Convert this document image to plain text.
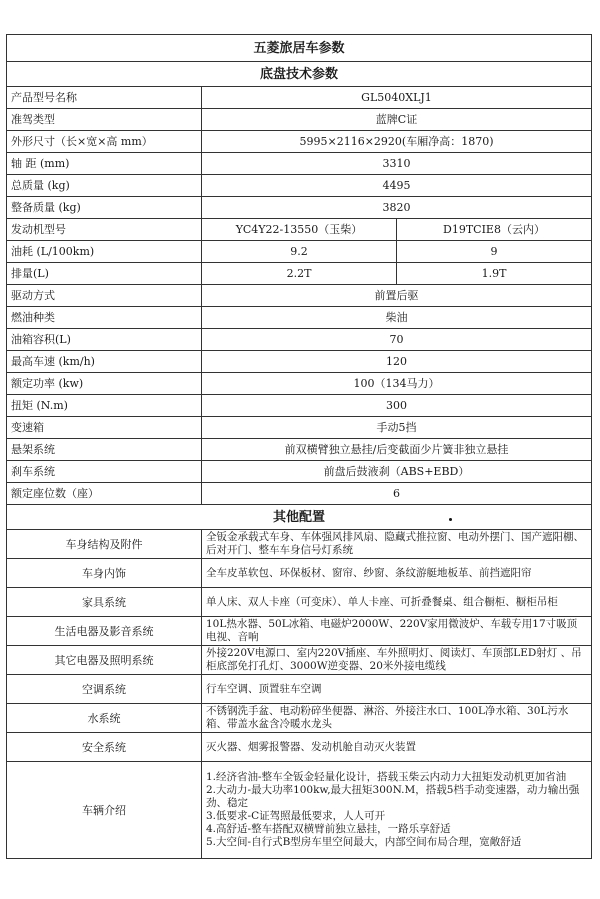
五菱旅居车参数		
底盘技术参数		
产品型号名称	GL5040XLJ1	
准驾类型	蓝牌C证	
外形尺寸（长×宽×高 mm）	5995×2116×2920(车厢净高：1870)	
轴 距 (mm)	3310	
总质量 (kg)	4495	
整备质量 (kg)	3820	
发动机型号	YC4Y22-13550（玉柴）	D19TCIE8（云内）
油耗 (L/100km)	9.2	9
排量(L)	2.2T	1.9T
驱动方式	前置后驱	
燃油种类	柴油	
油箱容积(L)	70	
最高车速 (km/h)	120	
额定功率 (kw)	100（134马力）	
扭矩 (N.m)	300	
变速箱	手动5挡	
悬架系统	前双横臂独立悬挂/后变截面少片簧非独立悬挂	
刹车系统	前盘后鼓液刹（ABS+EBD）	
额定座位数（座）	6	
其他配置		
车身结构及附件	全钣金承载式车身、车体强风排风扇、隐藏式推拉窗、电动外摆门、国产遮阳棚、后对开门、整车车身信号灯系统	
车身内饰	全车皮革软包、环保板材、窗帘、纱窗、条纹游艇地板革、前挡遮阳帘	
家具系统	单人床、双人卡座（可变床）、单人卡座、可折叠餐桌、组合橱柜、橱柜吊柜	
生活电器及影音系统	10L热水器、50L冰箱、电磁炉2000W、220V家用微波炉、车载专用17寸吸顶电视、音响	
其它电器及照明系统	外接220V电源口、室内220V插座、车外照明灯、阅读灯、车顶部LED射灯 、吊柜底部免打孔灯、3000W逆变器、20米外接电缆线	
空调系统	行车空调、顶置驻车空调	
水系统	不锈钢洗手盆、电动粉碎坐便器、淋浴、外接注水口、100L净水箱、30L污水箱、带盖水盆含冷暖水龙头	
安全系统	灭火器、烟雾报警器、发动机舱自动灭火装置	
车辆介绍	1.经济省油-整车全钣金轻量化设计，搭载玉柴云内动力大扭矩发动机更加省油
2.大动力-最大功率100kw,最大扭矩300N.M，搭载5档手动变速器，动力输出强劲、稳定
3.低要求-C证驾照最低要求，人人可开
4.高舒适-整车搭配双横臂前独立悬挂，一路乐享舒适
5.大空间-自行式B型房车里空间最大，内部空间布局合理，宽敞舒适	
